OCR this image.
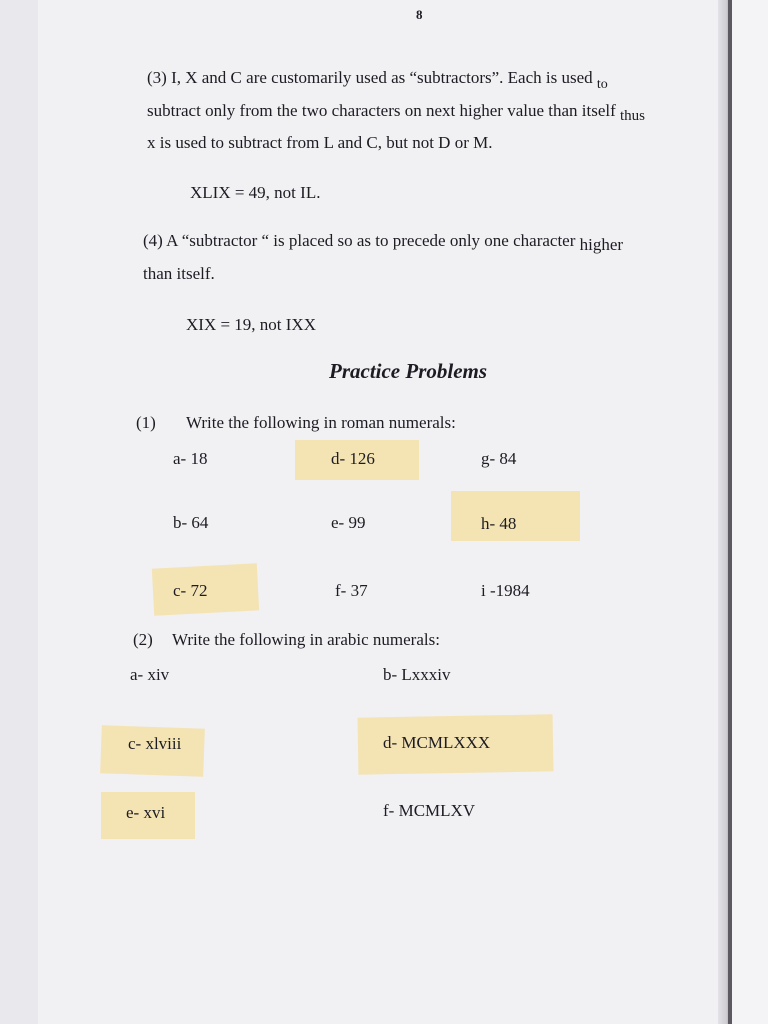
8
(3) I, X and C are customarily used as “subtractors”. Each is used $_{to}$
subtract only from the two characters on next higher value than itself thus
x is used to subtract from L and C, but not D or M.
XLIX = 49, not IL.
(4) A “subtractor “ is placed so as to precede only one character higher
than itself.
XIX = 19, not IXX
Practice Problems
(1) Write the following in roman numerals:
a- 18	d- 126	g- 84
b- 64	e- 99	h- 48
c- 72	f- 37	i -1984
(2) Write the following in arabic numerals:
a- xiv	b- Lxxxiv
c- xlviii	d- MCMLXXX
e- xvi	f- MCMLXV
